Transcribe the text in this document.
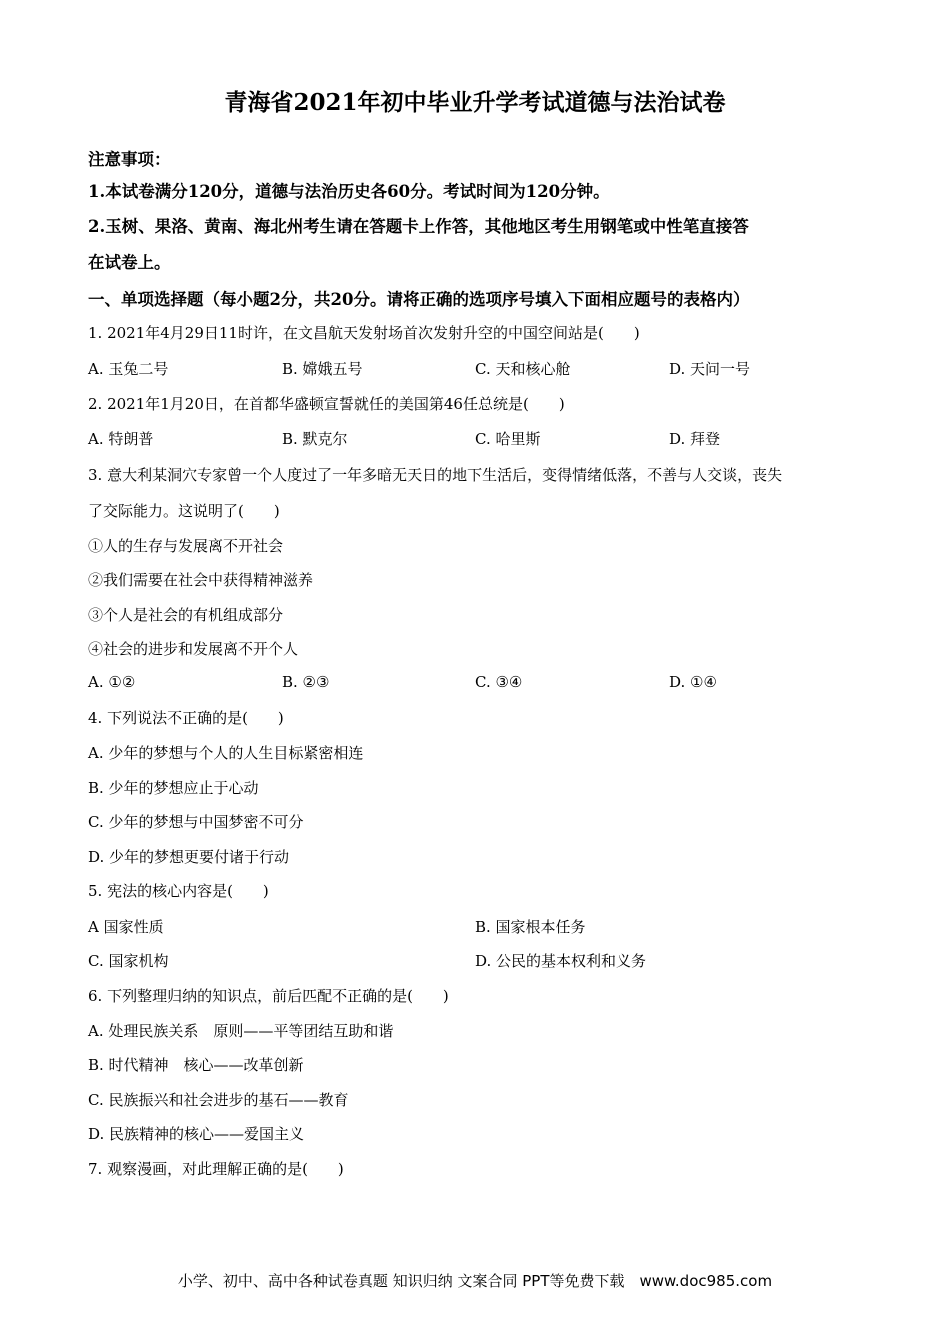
青海省2021年初中毕业升学考试道德与法治试卷
注意事项：
1.本试卷满分120分，道德与法治历史各60分。考试时间为120分钟。
2.玉树、果洛、黄南、海北州考生请在答题卡上作答，其他地区考生用钢笔或中性笔直接答
在试卷上。
一、单项选择题（每小题2分，共20分。请将正确的选项序号填入下面相应题号的表格内）
1. 2021年4月29日11时许，在文昌航天发射场首次发射升空的中国空间站是(　　)
A. 玉兔二号	B. 嫦娥五号	C. 天和核心舱	D. 天问一号
2. 2021年1月20日，在首都华盛顿宣誓就任的美国第46任总统是(　　)
A. 特朗普	B. 默克尔	C. 哈里斯	D. 拜登
3. 意大利某洞穴专家曾一个人度过了一年多暗无天日的地下生活后，变得情绪低落，不善与人交谈，丧失
了交际能力。这说明了(　　)
①人的生存与发展离不开社会
②我们需要在社会中获得精神滋养
③个人是社会的有机组成部分
④社会的进步和发展离不开个人
A. ①②	B. ②③	C. ③④	D. ①④
4. 下列说法不正确的是(　　)
A. 少年的梦想与个人的人生目标紧密相连
B. 少年的梦想应止于心动
C. 少年的梦想与中国梦密不可分
D. 少年的梦想更要付诸于行动
5. 宪法的核心内容是(　　)
A 国家性质	B. 国家根本任务
C. 国家机构	D. 公民的基本权利和义务
6. 下列整理归纳的知识点，前后匹配不正确的是(　　)
A. 处理民族关系　原则——平等团结互助和谐
B. 时代精神　核心——改革创新
C. 民族振兴和社会进步的基石——教育
D. 民族精神的核心——爱国主义
7. 观察漫画，对此理解正确的是(　　)
小学、初中、高中各种试卷真题 知识归纳 文案合同 PPT等免费下载　www.doc985.com
